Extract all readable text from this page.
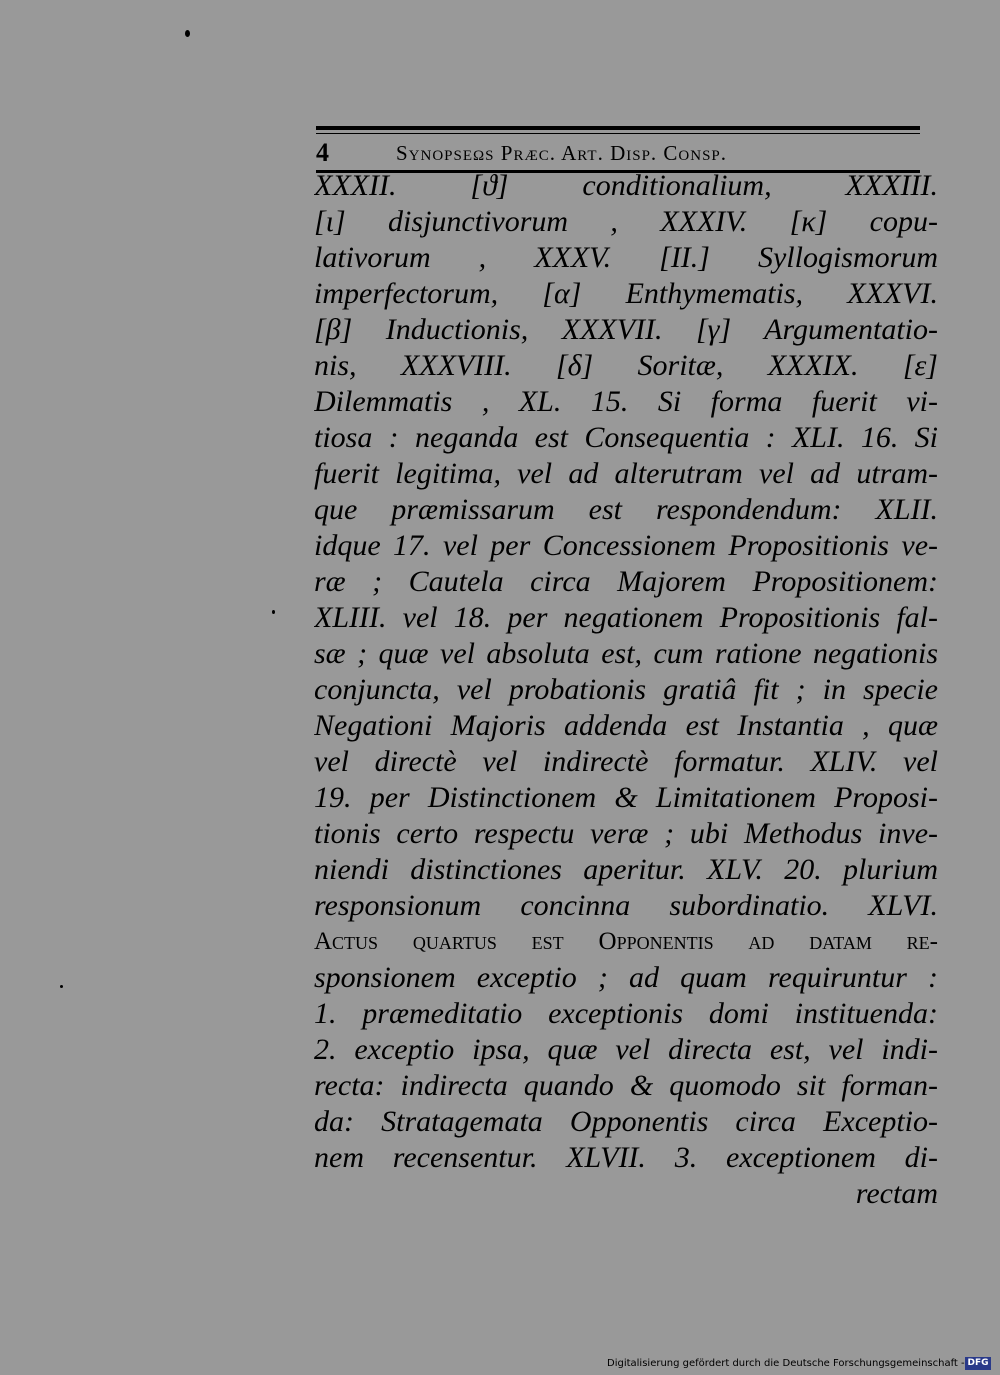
4	Synopseωs Præc. Art. Disp. Consp.
XXXII. [ϑ] conditionalium, XXXIII.
[ι] disjunctivorum , XXXIV. [κ] copu-
lativorum , XXXV. [II.] Syllogismorum
imperfectorum, [α] Enthymematis, XXXVI.
[β] Inductionis, XXXVII. [γ] Argumentatio-
nis, XXXVIII. [δ] Soritæ, XXXIX. [ε]
Dilemmatis , XL. 15. Si forma fuerit vi-
tiosa : neganda est Consequentia : XLI. 16. Si
fuerit legitima, vel ad alterutram vel ad utram-
que præmissarum est respondendum: XLII.
idque 17. vel per Concessionem Propositionis ve-
ræ ; Cautela circa Majorem Propositionem:
XLIII. vel 18. per negationem Propositionis fal-
sæ ; quæ vel absoluta est, cum ratione negationis
conjuncta, vel probationis gratiâ fit ; in specie
Negationi Majoris addenda est Instantia , quæ
vel directè vel indirectè formatur. XLIV. vel
19. per Distinctionem & Limitationem Proposi-
tionis certo respectu veræ ; ubi Methodus inve-
niendi distinctiones aperitur. XLV. 20. plurium
responsionum concinna subordinatio. XLVI.
Actus quartus est Opponentis ad datam re-
sponsionem exceptio ; ad quam requiruntur :
1. præmeditatio exceptionis domi instituenda:
2. exceptio ipsa, quæ vel directa est, vel indi-
recta: indirecta quando & quomodo sit forman-
da: Stratagemata Opponentis circa Exceptio-
nem recensentur. XLVII. 3. exceptionem di-
rectam
Digitalisierung gefördert durch die Deutsche Forschungsgemeinschaft - DFG
